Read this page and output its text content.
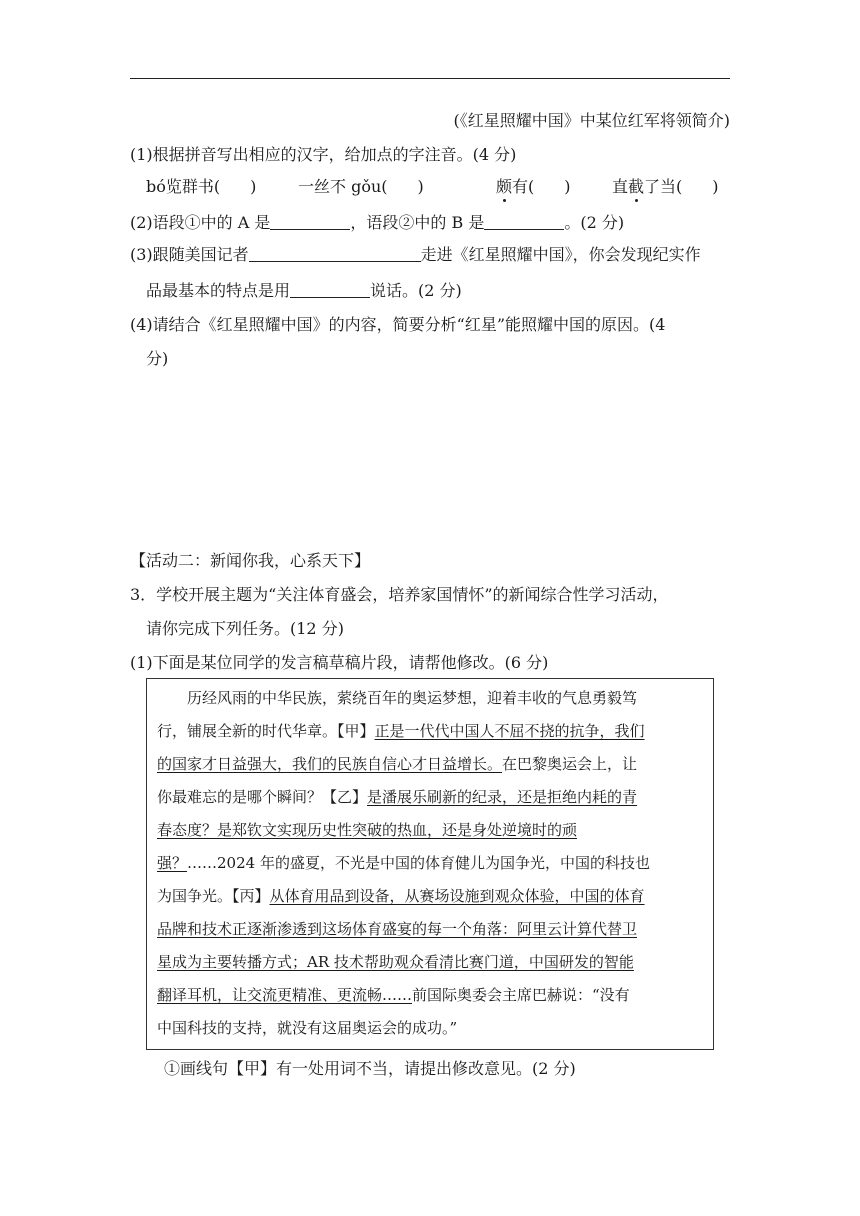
(《红星照耀中国》中某位红军将领简介)
(1)根据拼音写出相应的汉字，给加点的字注音。(4 分)
bó览群书( )	一丝不 gǒu( )	颇有( )	直截了当( )
(2)语段①中的 A 是	，语段②中的 B 是	。(2 分)
(3)跟随美国记者	走进《红星照耀中国》，你会发现纪实作
品最基本的特点是用	说话。(2 分)
(4)请结合《红星照耀中国》的内容，简要分析“红星”能照耀中国的原因。(4
分)
【活动二：新闻你我，心系天下】
3．学校开展主题为“关注体育盛会，培养家国情怀”的新闻综合性学习活动，
请你完成下列任务。(12 分)
(1)下面是某位同学的发言稿草稿片段，请帮他修改。(6 分)
历经风雨的中华民族，萦绕百年的奥运梦想，迎着丰收的气息勇毅笃
行，铺展全新的时代华章。【甲】正是一代代中国人不屈不挠的抗争，我们
的国家才日益强大，我们的民族自信心才日益增长。在巴黎奥运会上，让
你最难忘的是哪个瞬间？【乙】是潘展乐刷新的纪录，还是拒绝内耗的青
春态度？是郑钦文实现历史性突破的热血，还是身处逆境时的顽
强？……2024 年的盛夏，不光是中国的体育健儿为国争光，中国的科技也
为国争光。【丙】从体育用品到设备，从赛场设施到观众体验，中国的体育
品牌和技术正逐渐渗透到这场体育盛宴的每一个角落：阿里云计算代替卫
星成为主要转播方式；AR 技术帮助观众看清比赛门道，中国研发的智能
翻译耳机，让交流更精准、更流畅……前国际奥委会主席巴赫说：“没有
中国科技的支持，就没有这届奥运会的成功。”
①画线句【甲】有一处用词不当，请提出修改意见。(2 分)
